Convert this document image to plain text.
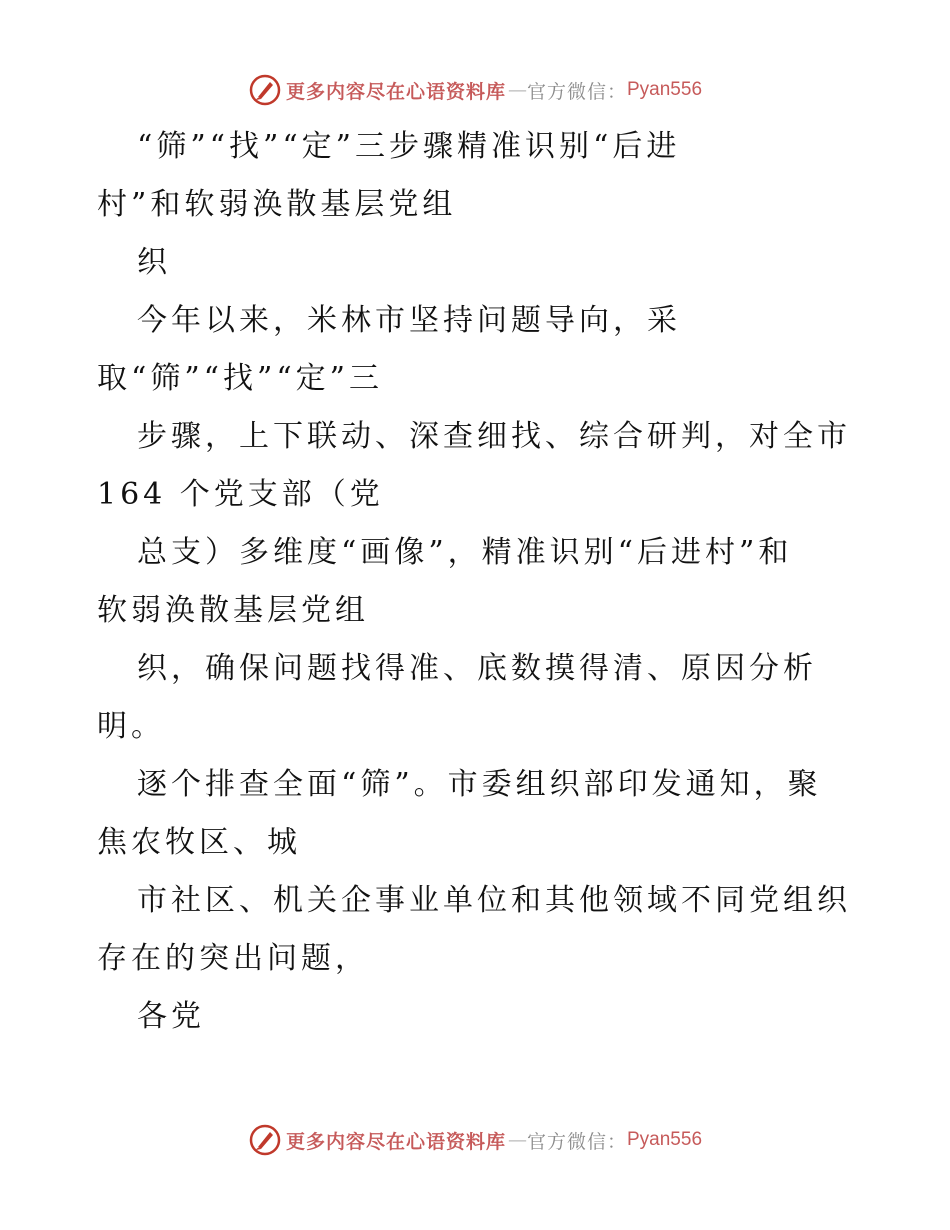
更多内容尽在心语资料库 — 官方微信： Pyan556
“筛”“找”“定”三步骤精准识别“后进
村”和软弱涣散基层党组
织
今年以来，米林市坚持问题导向，采
取“筛”“找”“定”三
步骤，上下联动、深查细找、综合研判，对全市
164 个党支部（党
总支）多维度“画像”，精准识别“后进村”和
软弱涣散基层党组
织，确保问题找得准、底数摸得清、原因分析
明。
逐个排查全面“筛”。市委组织部印发通知，聚
焦农牧区、城
市社区、机关企事业单位和其他领域不同党组织
存在的突出问题，
各党
更多内容尽在心语资料库 — 官方微信： Pyan556
